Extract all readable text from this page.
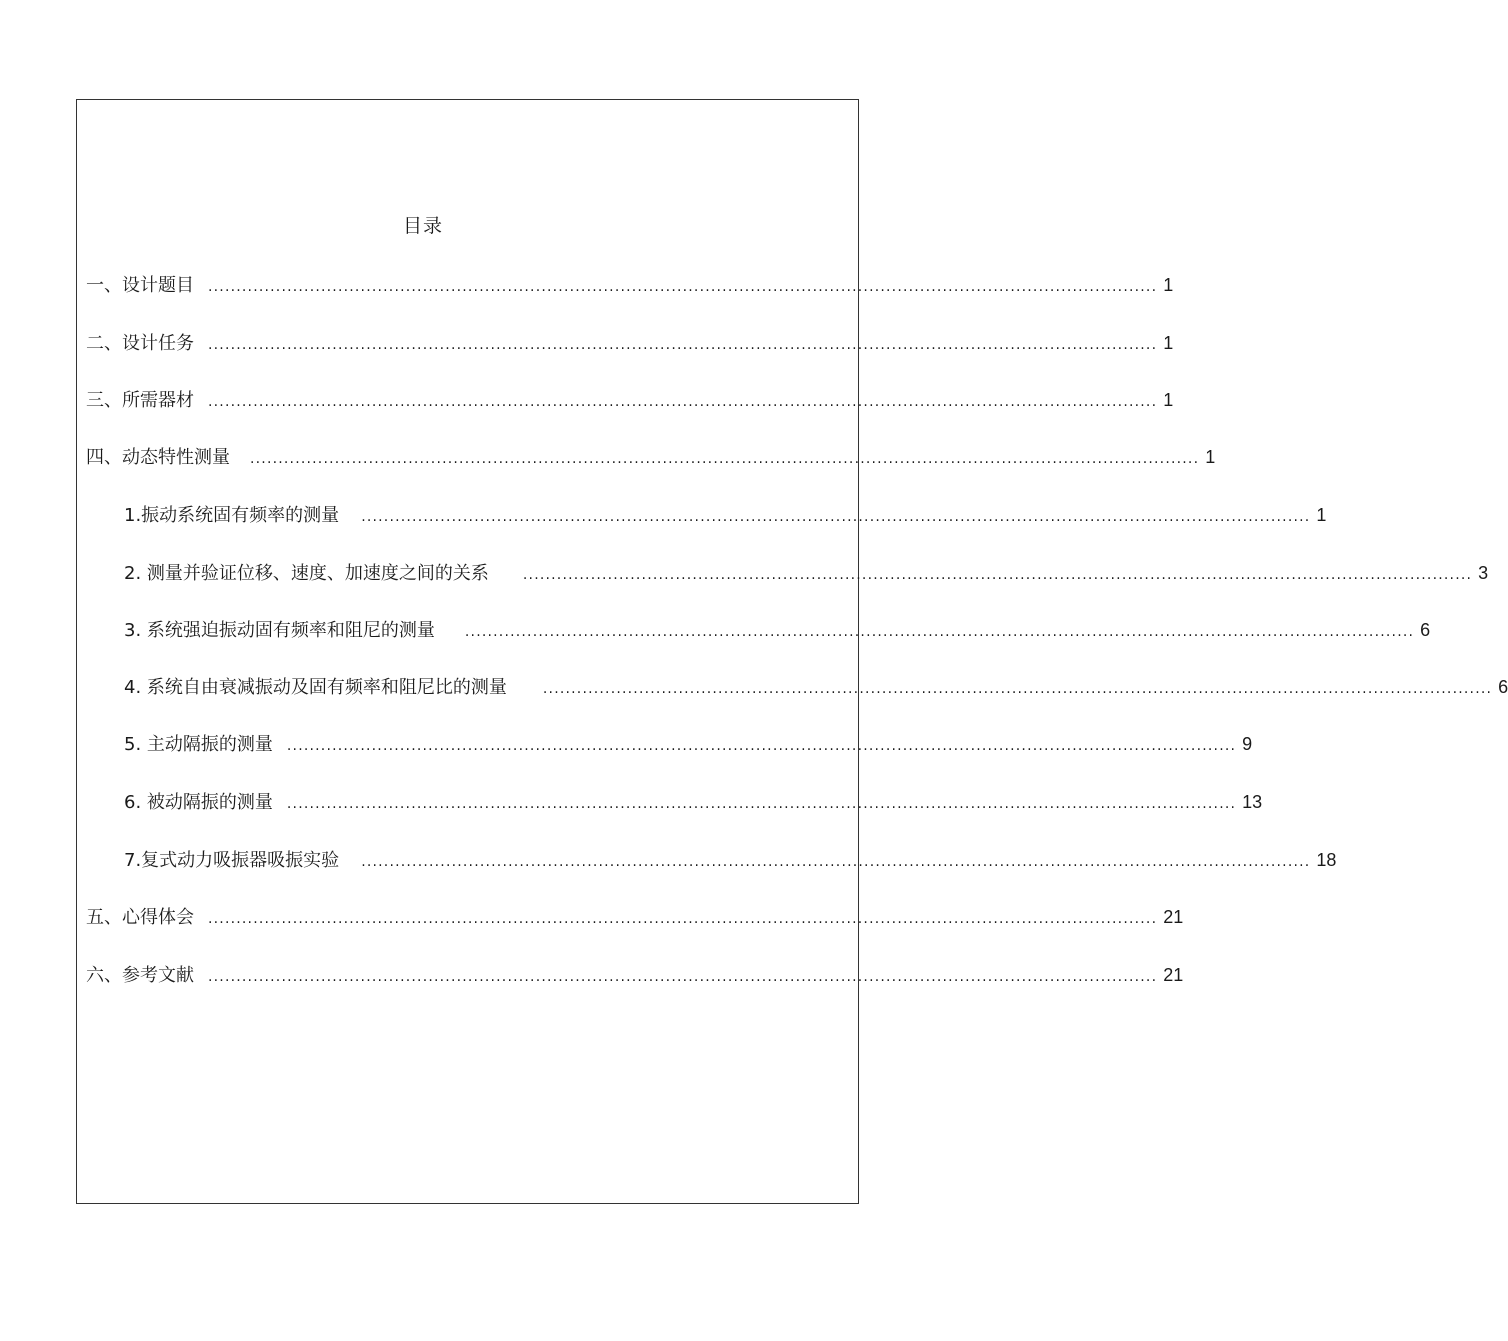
目录
一、设计题目 ........................................................................................................................................................................ 1
二、设计任务 ........................................................................................................................................................................ 1
三、所需器材 ........................................................................................................................................................................ 1
四、动态特性测量 ........................................................................................................................................................................ 1
1.振动系统固有频率的测量 ........................................................................................................................................................................ 1
2. 测量并验证位移、速度、加速度之间的关系 ........................................................................................................................................................................ 3
3. 系统强迫振动固有频率和阻尼的测量 ........................................................................................................................................................................ 6
4. 系统自由衰减振动及固有频率和阻尼比的测量	........................................................................................................................................................................ 6
5. 主动隔振的测量 ........................................................................................................................................................................ 9
6. 被动隔振的测量 ........................................................................................................................................................................ 13
7.复式动力吸振器吸振实验 ........................................................................................................................................................................ 18
五、心得体会 ........................................................................................................................................................................ 21
六、参考文献 ........................................................................................................................................................................ 21
